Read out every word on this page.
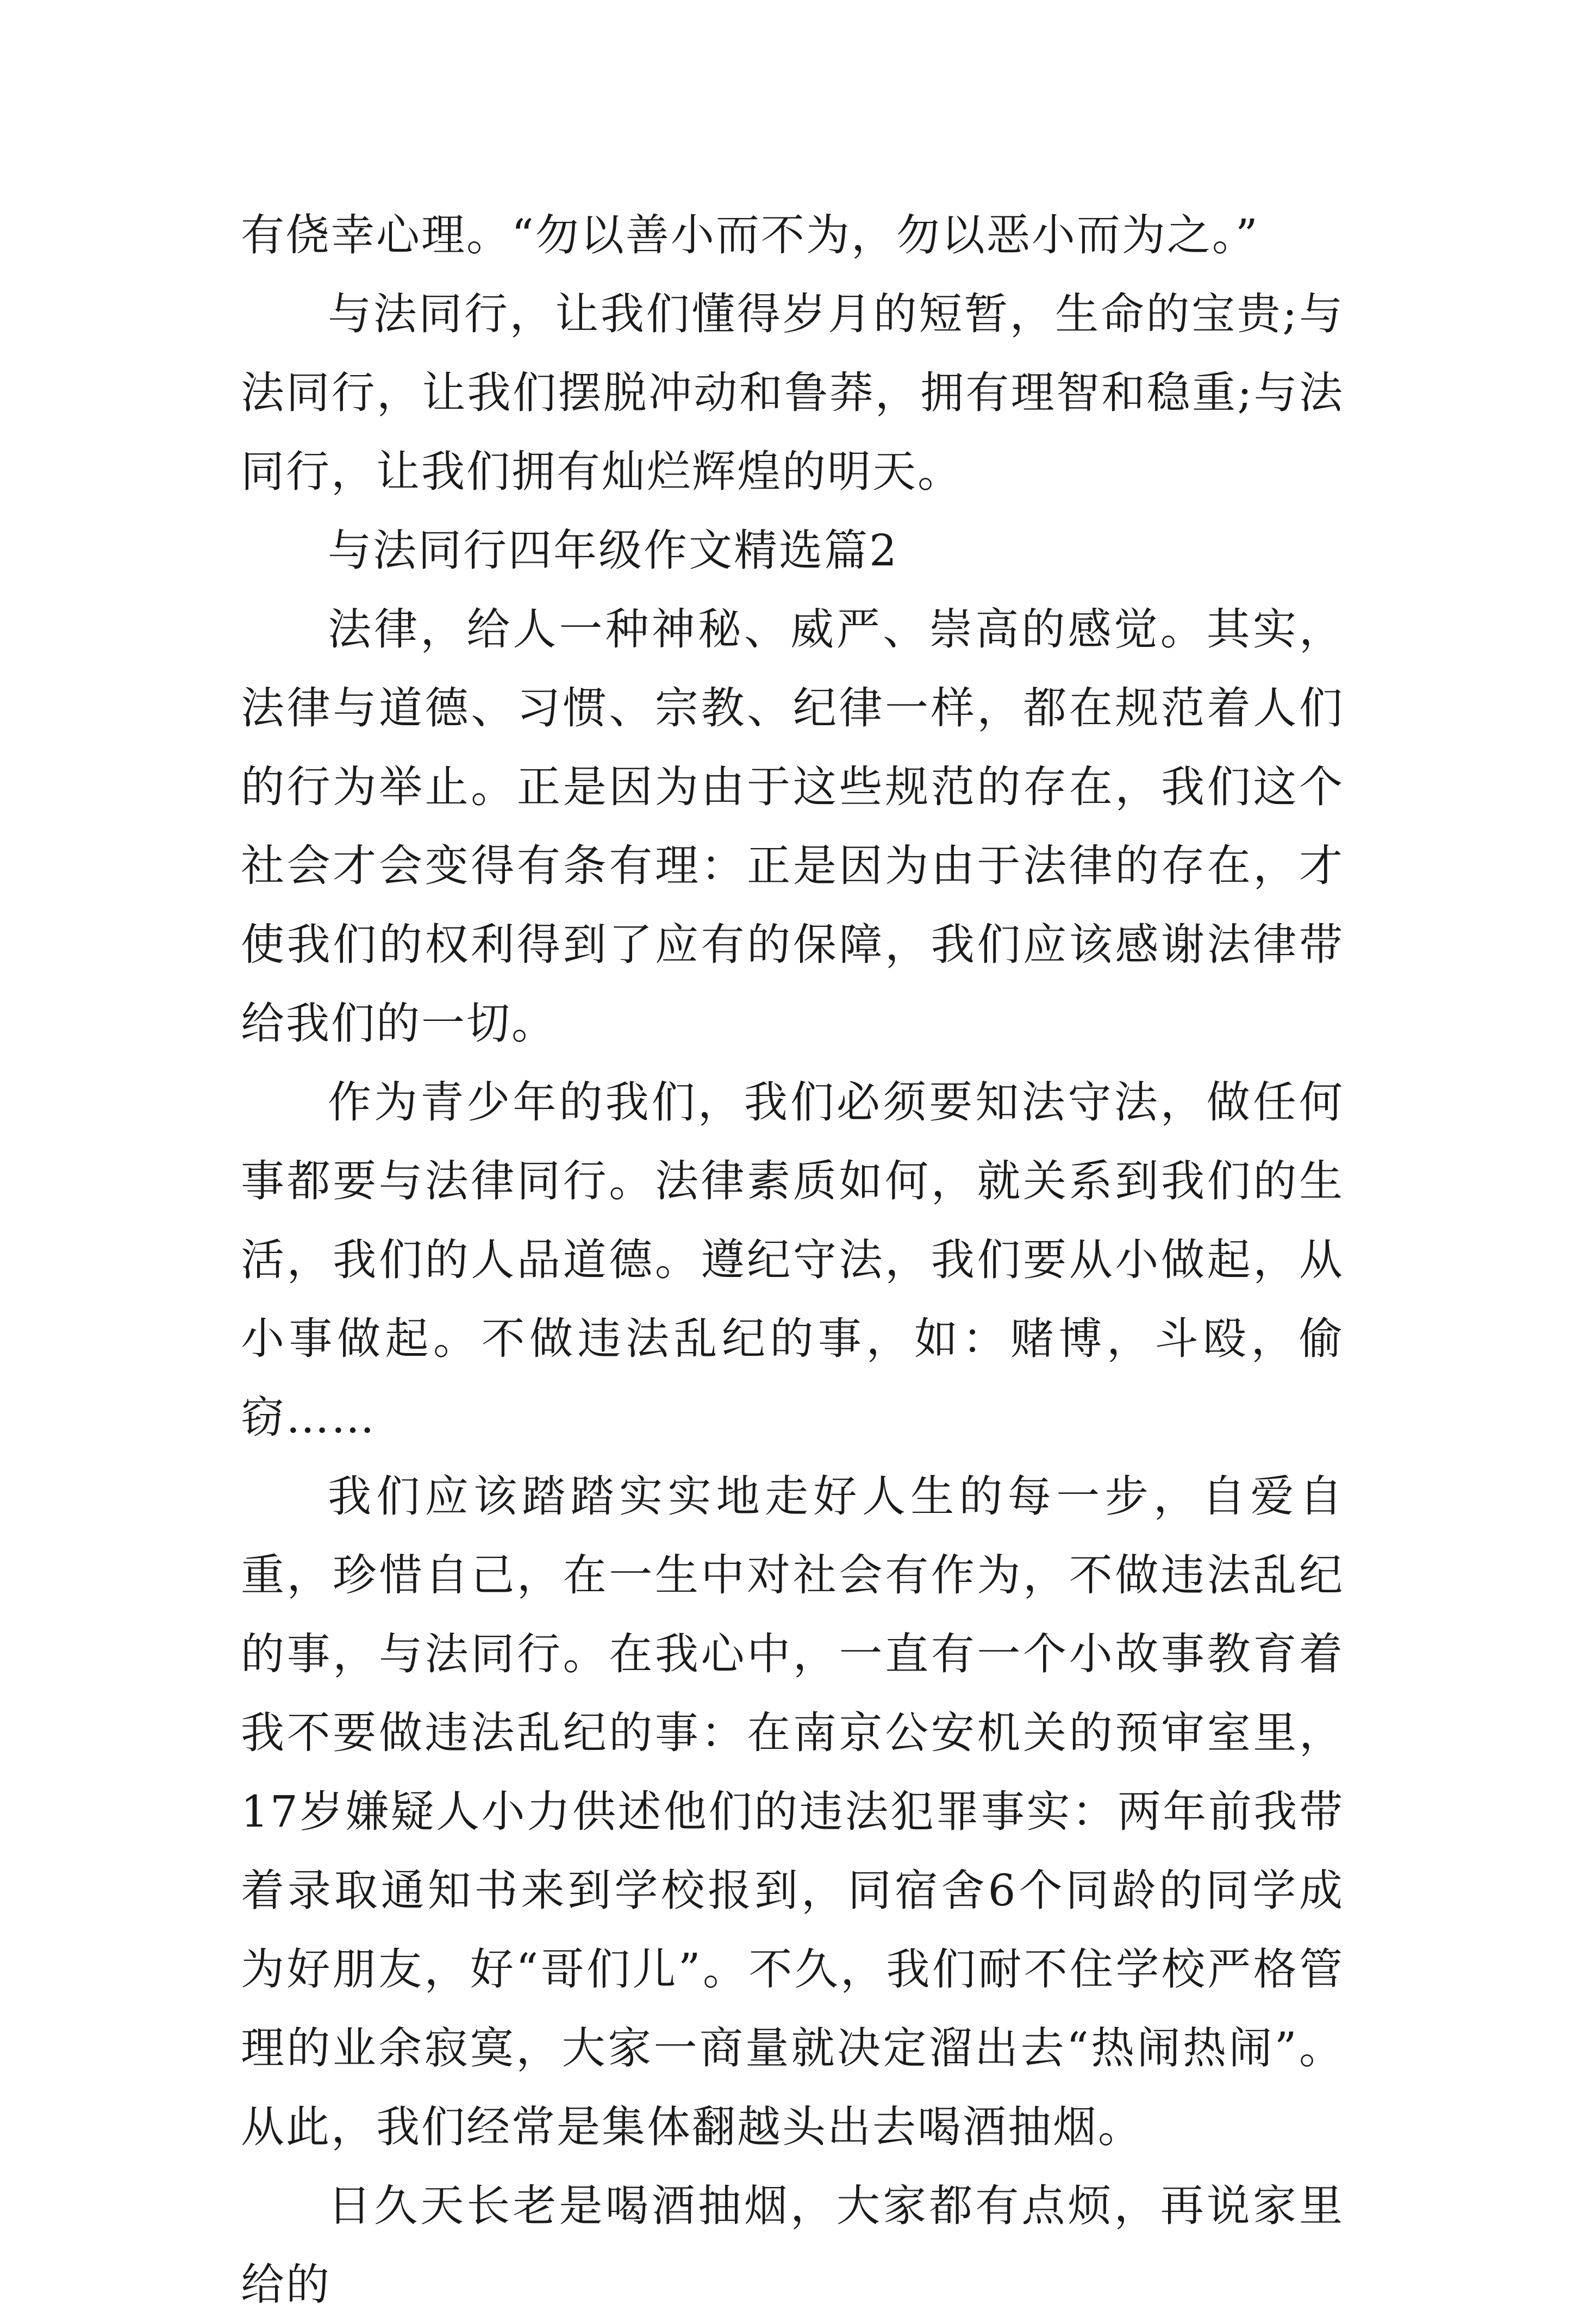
有侥幸心理。“勿以善小而不为，勿以恶小而为之。”

与法同行，让我们懂得岁月的短暂，生命的宝贵;与法同行，让我们摆脱冲动和鲁莽，拥有理智和稳重;与法同行，让我们拥有灿烂辉煌的明天。

与法同行四年级作文精选篇2

法律，给人一种神秘、威严、崇高的感觉。其实，法律与道德、习惯、宗教、纪律一样，都在规范着人们的行为举止。正是因为由于这些规范的存在，我们这个社会才会变得有条有理：正是因为由于法律的存在，才使我们的权利得到了应有的保障，我们应该感谢法律带给我们的一切。

作为青少年的我们，我们必须要知法守法，做任何事都要与法律同行。法律素质如何，就关系到我们的生活，我们的人品道德。遵纪守法，我们要从小做起，从小事做起。不做违法乱纪的事，如：赌博，斗殴，偷窃……

我们应该踏踏实实地走好人生的每一步，自爱自重，珍惜自己，在一生中对社会有作为，不做违法乱纪的事，与法同行。在我心中，一直有一个小故事教育着我不要做违法乱纪的事：在南京公安机关的预审室里，17岁嫌疑人小力供述他们的违法犯罪事实：两年前我带着录取通知书来到学校报到，同宿舍6个同龄的同学成为好朋友，好“哥们儿”。不久，我们耐不住学校严格管理的业余寂寞，大家一商量就决定溜出去“热闹热闹”。从此，我们经常是集体翻越头出去喝酒抽烟。

日久天长老是喝酒抽烟，大家都有点烦，再说家里给的
